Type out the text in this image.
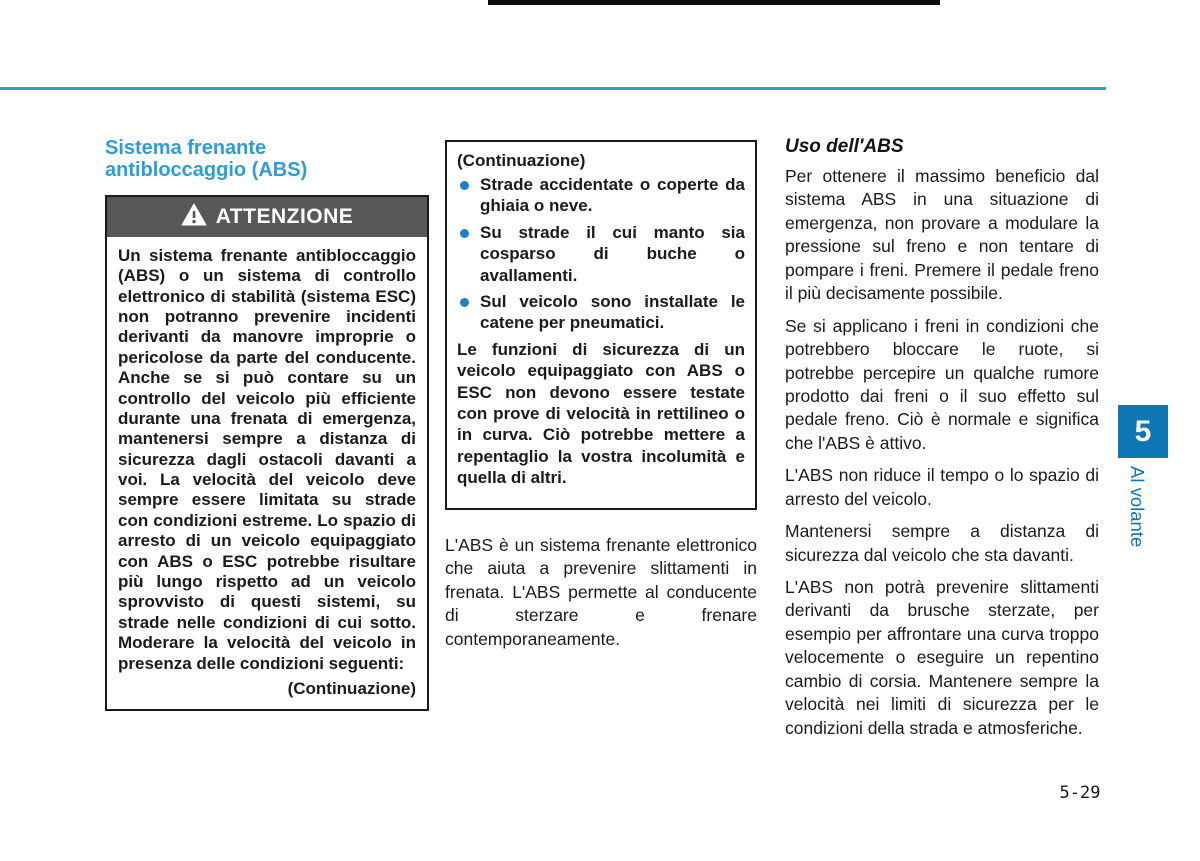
Sistema frenante
antibloccaggio (ABS)
ATTENZIONE

Un sistema frenante antibloccaggio (ABS) o un sistema di controllo elettronico di stabilità (sistema ESC) non potranno prevenire incidenti derivanti da manovre improprie o pericolose da parte del conducente. Anche se si può contare su un controllo del veicolo più efficiente durante una frenata di emergenza, mantenersi sempre a distanza di sicurezza dagli ostacoli davanti a voi. La velocità del veicolo deve sempre essere limitata su strade con condizioni estreme. Lo spazio di arresto di un veicolo equipaggiato con ABS o ESC potrebbe risultare più lungo rispetto ad un veicolo sprovvisto di questi sistemi, su strade nelle condizioni di cui sotto. Moderare la velocità del veicolo in presenza delle condizioni seguenti:

(Continuazione)

(Continuazione)

Strade accidentate o coperte da ghiaia o neve.
Su strade il cui manto sia cosparso di buche o avallamenti.
Sul veicolo sono installate le catene per pneumatici.

Le funzioni di sicurezza di un veicolo equipaggiato con ABS o ESC non devono essere testate con prove di velocità in rettilineo o in curva. Ciò potrebbe mettere a repentaglio la vostra incolumità e quella di altri.

L'ABS è un sistema frenante elettronico che aiuta a prevenire slittamenti in frenata. L'ABS permette al conducente di sterzare e frenare contemporaneamente.

Uso dell'ABS

Per ottenere il massimo beneficio dal sistema ABS in una situazione di emergenza, non provare a modulare la pressione sul freno e non tentare di pompare i freni. Premere il pedale freno il più decisamente possibile.

Se si applicano i freni in condizioni che potrebbero bloccare le ruote, si potrebbe percepire un qualche rumore prodotto dai freni o il suo effetto sul pedale freno. Ciò è normale e significa che l'ABS è attivo.

L'ABS non riduce il tempo o lo spazio di arresto del veicolo.

Mantenersi sempre a distanza di sicurezza dal veicolo che sta davanti.

L'ABS non potrà prevenire slittamenti derivanti da brusche sterzate, per esempio per affrontare una curva troppo velocemente o eseguire un repentino cambio di corsia. Mantenere sempre la velocità nei limiti di sicurezza per le condizioni della strada e atmosferiche.

5
Al volante
5-29
